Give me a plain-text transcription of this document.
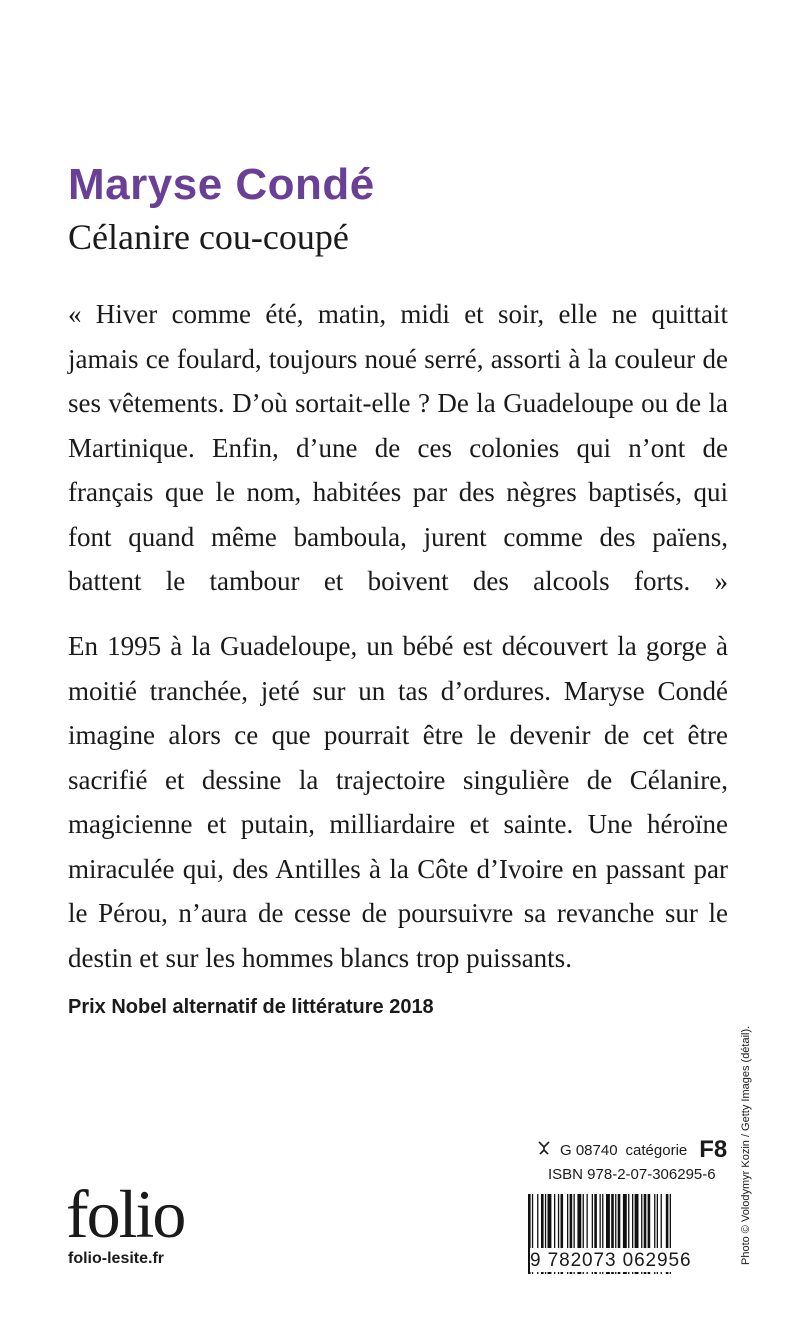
Maryse Condé
Célanire cou-coupé

« Hiver comme été, matin, midi et soir, elle ne quittait jamais ce foulard, toujours noué serré, assorti à la couleur de ses vêtements. D’où sortait-elle ? De la Guadeloupe ou de la Martinique. Enfin, d’une de ces colonies qui n’ont de français que le nom, habitées par des nègres baptisés, qui font quand même bamboula, jurent comme des païens, battent le tambour et boivent des alcools forts. »

En 1995 à la Guadeloupe, un bébé est découvert la gorge à moitié tranchée, jeté sur un tas d’ordures. Maryse Condé imagine alors ce que pourrait être le devenir de cet être sacrifié et dessine la trajectoire singulière de Célanire, magicienne et putain, milliardaire et sainte. Une héroïne miraculée qui, des Antilles à la Côte d’Ivoire en passant par le Pérou, n’aura de cesse de poursuivre sa revanche sur le destin et sur les hommes blancs trop puissants.

Prix Nobel alternatif de littérature 2018

Photo © Volodymyr Kozin / Getty Images (détail).
folio
folio-lesite.fr
G 08740 catégorie F8
ISBN 978-2-07-306295-6
9 782073 062956
